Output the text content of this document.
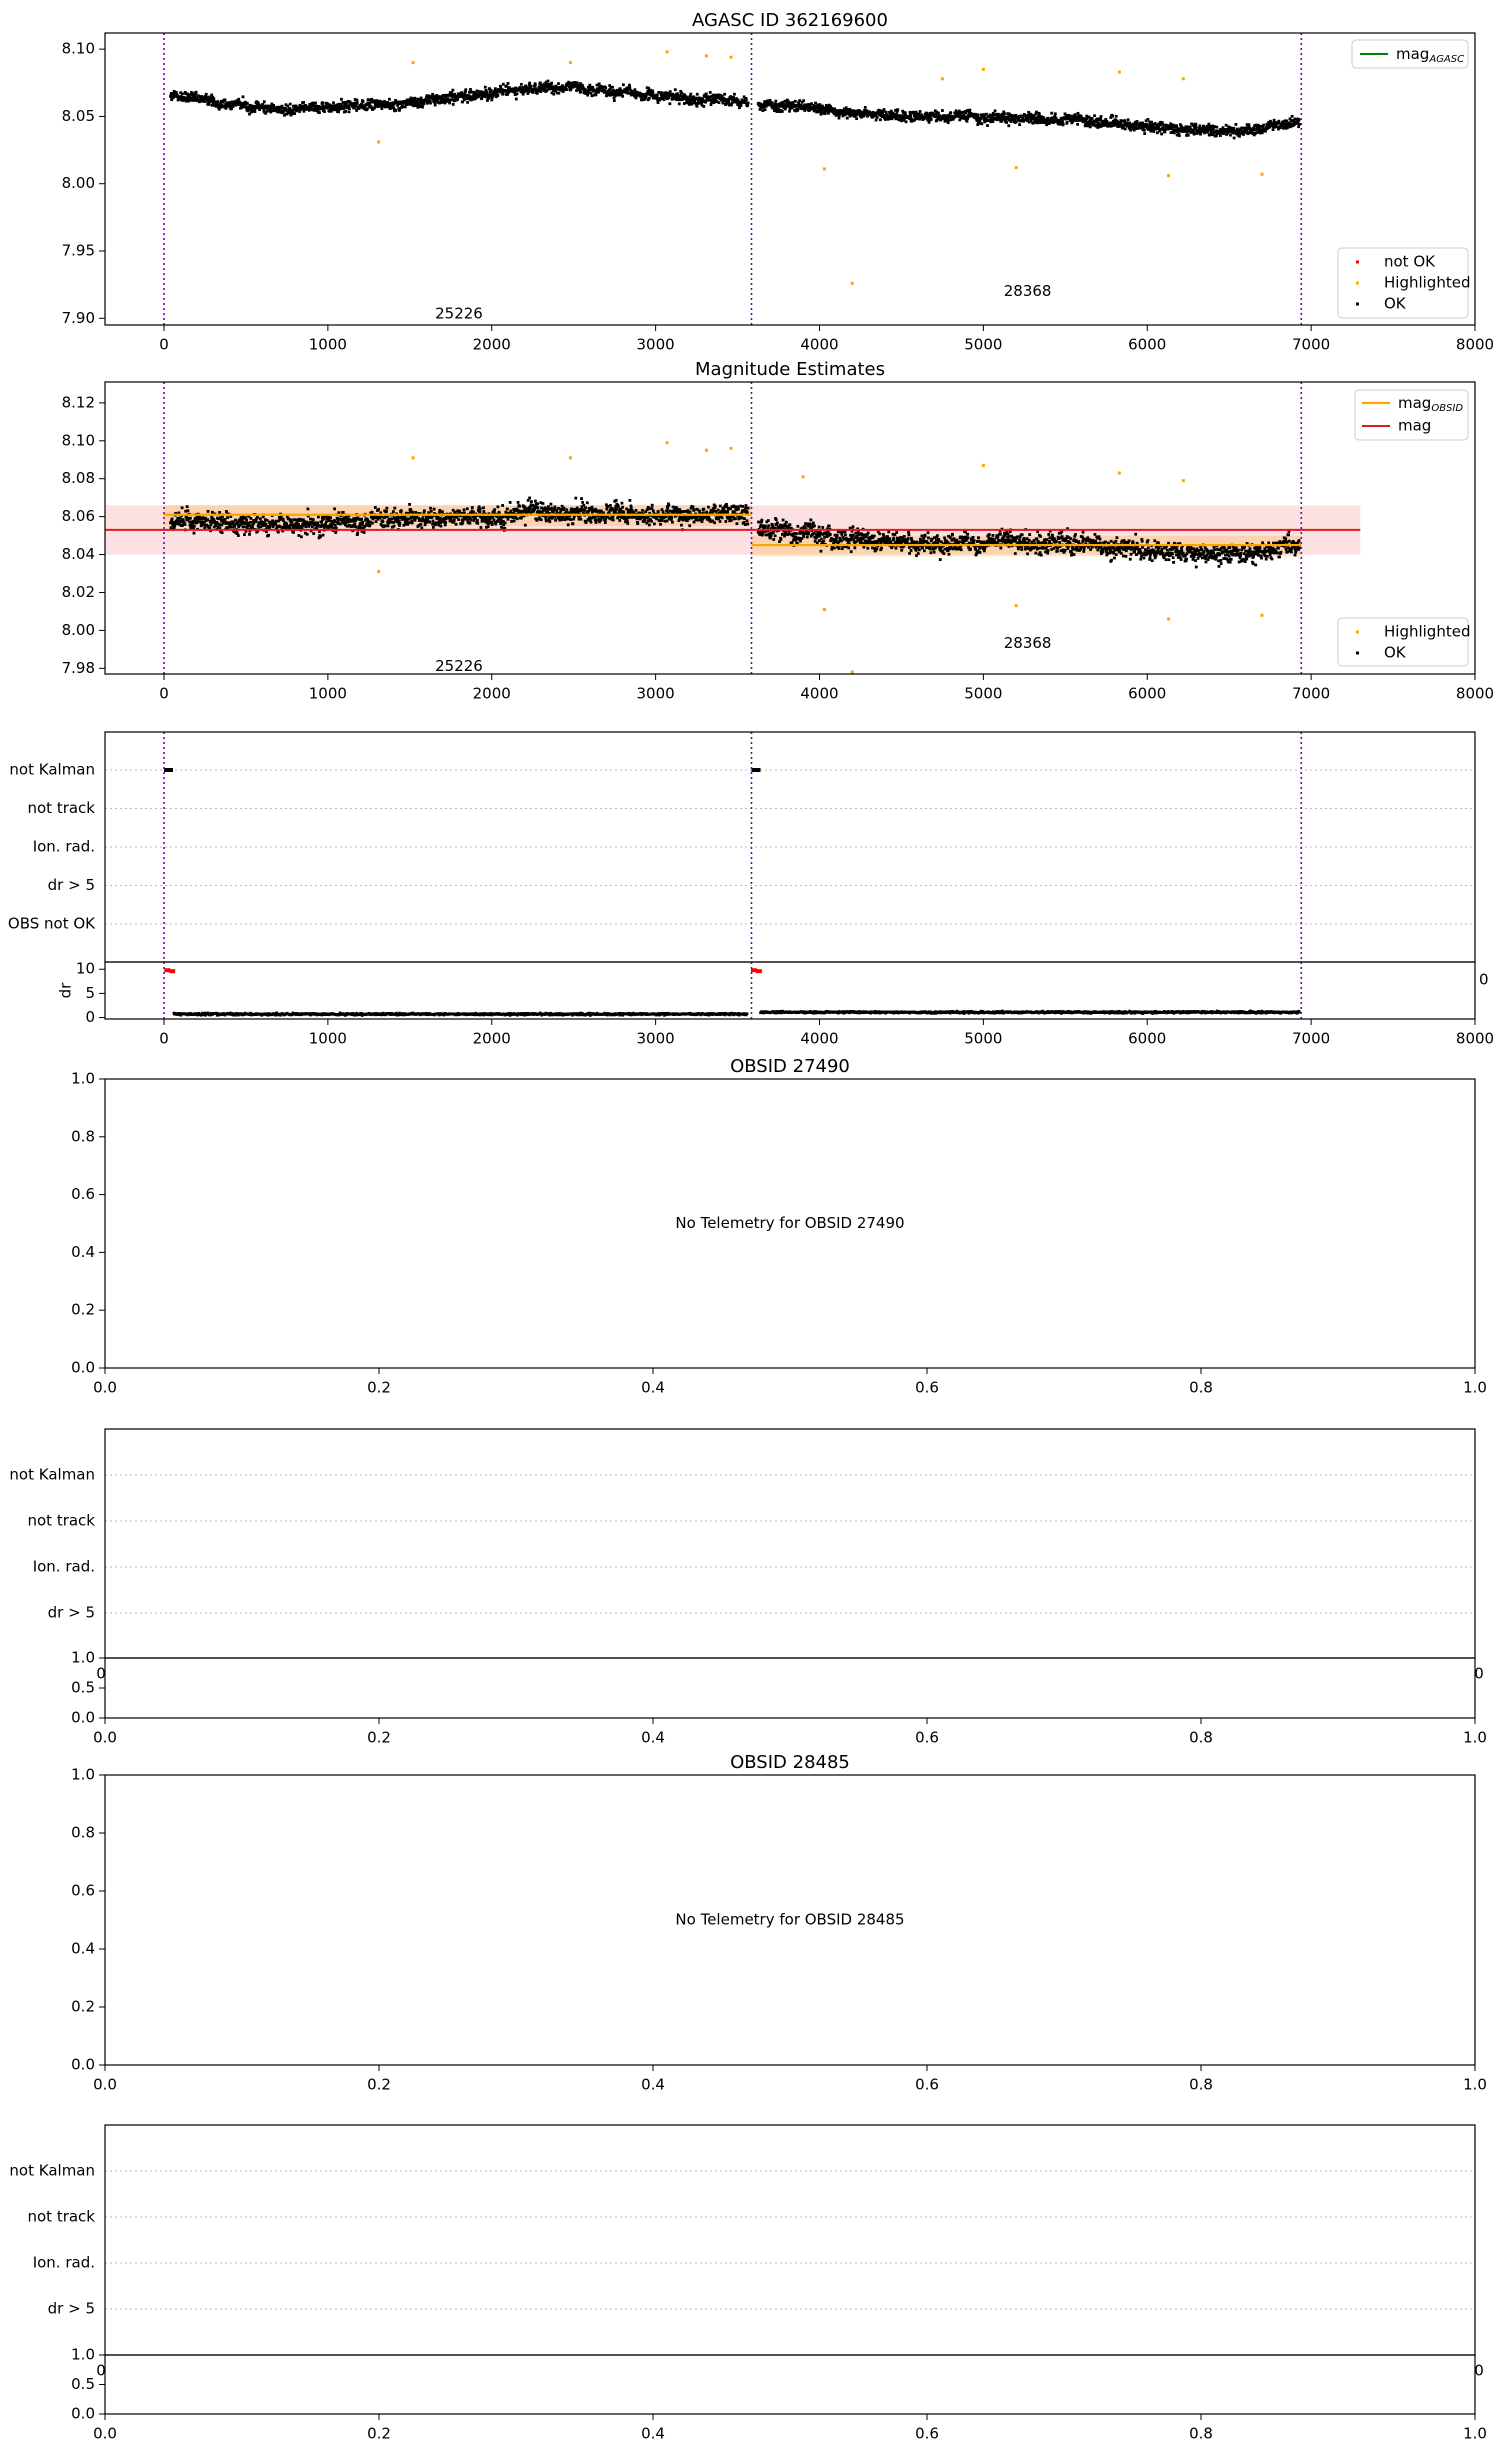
AGASC ID 362169600
0	1000	2000	3000	4000	5000	6000	7000	8000
7.90
7.95
8.00
8.05
8.10
25226
28368
mag$_{AGASC}$
not OK
Highlighted
OK
Magnitude Estimates
0	1000	2000	3000	4000	5000	6000	7000	8000
7.98
8.00
8.02
8.04
8.06
8.08
8.10
8.12
25226
28368
mag$_{OBSID}$
mag
Highlighted
OK
not Kalman
not track
Ion. rad.
dr > 5
OBS not OK
0	1000	2000	3000	4000	5000	6000	7000	8000
0
5
10
dr
0
OBSID 27490
0.0	0.2	0.4	0.6	0.8	1.0
0.0
0.2
0.4
0.6
0.8
1.0
No Telemetry for OBSID 27490
not Kalman
not track
Ion. rad.
dr > 5
1.0
0	0
0.0	0.2	0.4	0.6	0.8	1.0
0.0
0.5
OBSID 28485
0.0	0.2	0.4	0.6	0.8	1.0
0.0
0.2
0.4
0.6
0.8
1.0
No Telemetry for OBSID 28485
not Kalman
not track
Ion. rad.
dr > 5
1.0
0	0
0.0	0.2	0.4	0.6	0.8	1.0
0.0
0.5
